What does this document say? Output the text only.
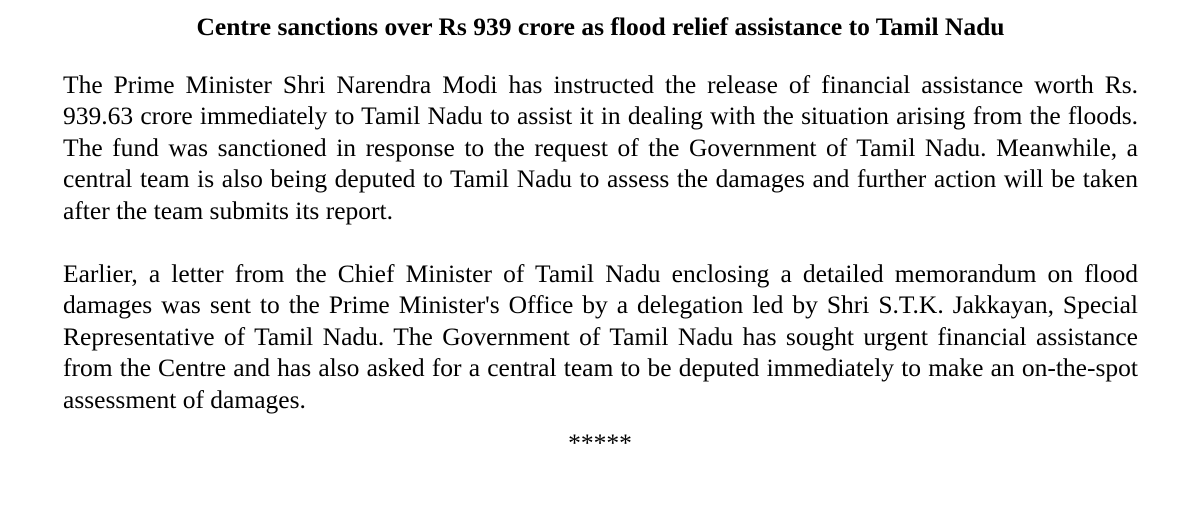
Centre sanctions over Rs 939 crore as flood relief assistance to Tamil Nadu

The Prime Minister Shri Narendra Modi has instructed the release of financial assistance worth Rs. 939.63 crore immediately to Tamil Nadu to assist it in dealing with the situation arising from the floods. The fund was sanctioned in response to the request of the Government of Tamil Nadu. Meanwhile, a central team is also being deputed to Tamil Nadu to assess the damages and further action will be taken after the team submits its report.

Earlier, a letter from the Chief Minister of Tamil Nadu enclosing a detailed memorandum on flood damages was sent to the Prime Minister's Office by a delegation led by Shri S.T.K. Jakkayan, Special Representative of Tamil Nadu. The Government of Tamil Nadu has sought urgent financial assistance from the Centre and has also asked for a central team to be deputed immediately to make an on-the-spot assessment of damages.

*****
